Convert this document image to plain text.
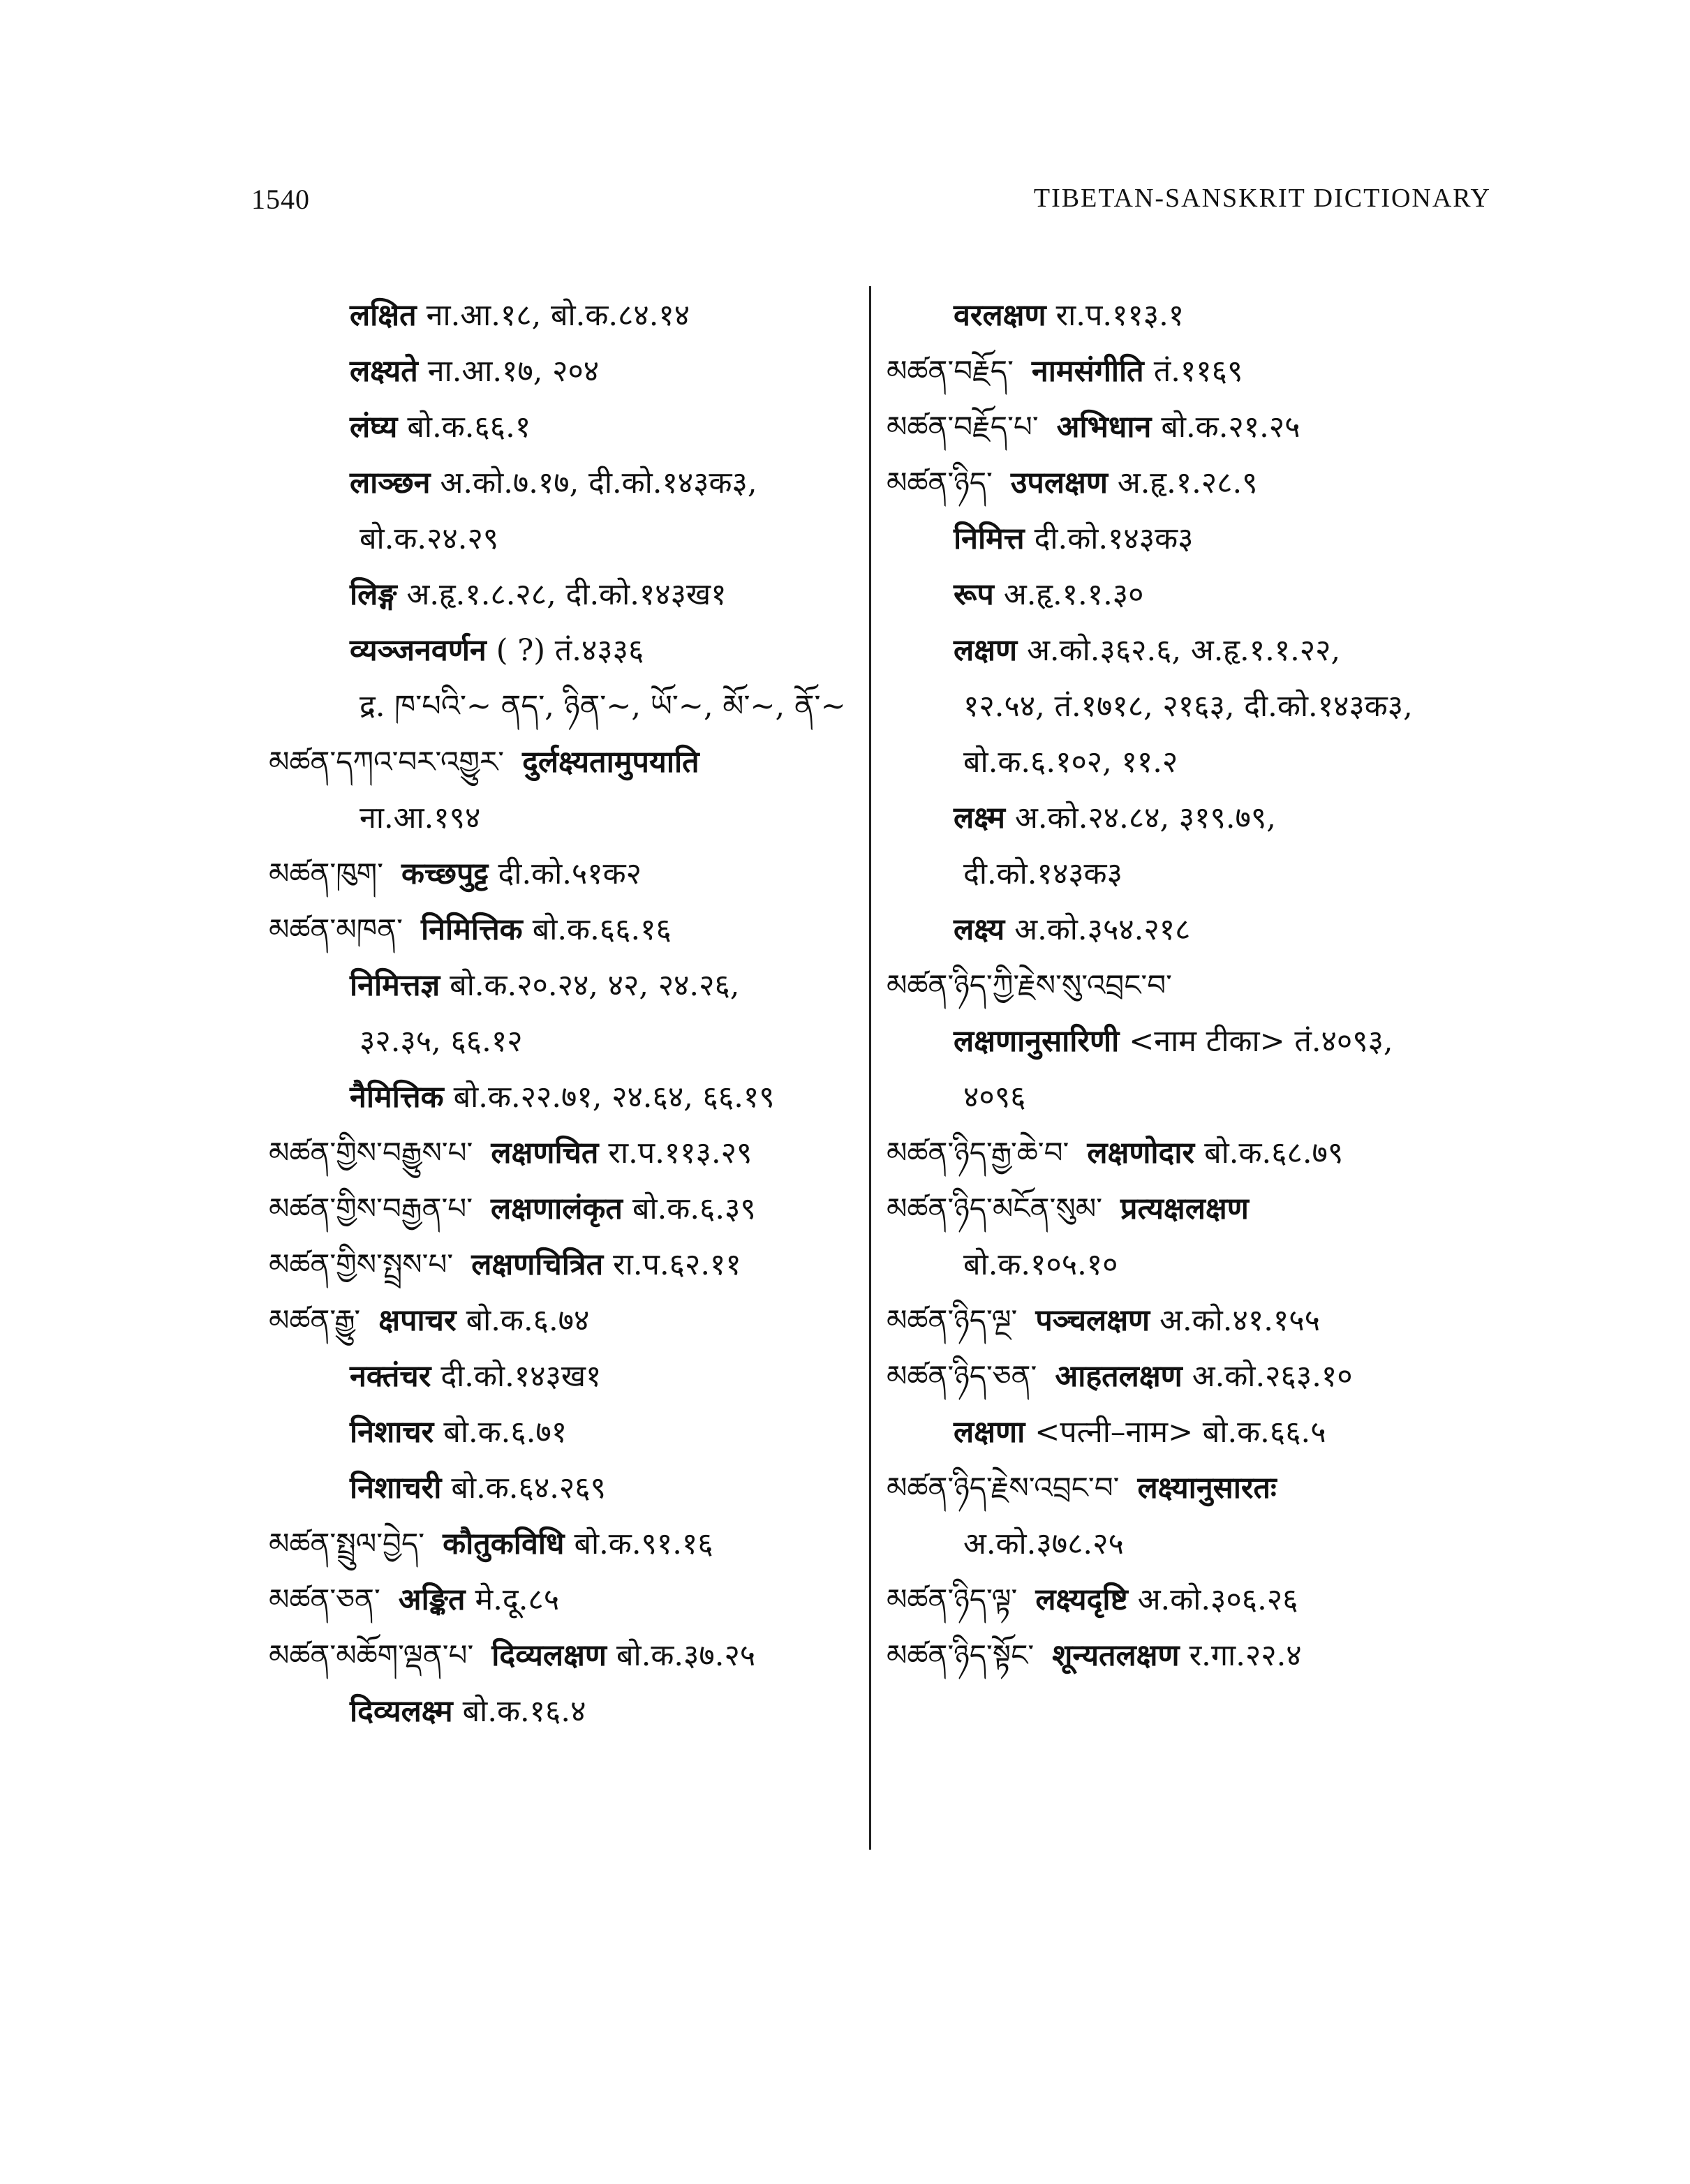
1540	TIBETAN-SANSKRIT DICTIONARY
लक्षित ना.आ.१८, बो.क.८४.१४
लक्ष्यते ना.आ.१७, २०४
लंघ्य बो.क.६६.१
लाञ्छन अ.को.७.१७, दी.को.१४३क३,
बो.क.२४.२९
लिङ्ग अ.हृ.१.८.२८, दी.को.१४३ख१
व्यञ्जनवर्णन ( ?) तं.४३३६
द्र. ཁ་པའི་~ ནད་, ཉིན་~, ཡོ་~, མོ་~, ནོ་~
མཚན་དཀའ་བར་འགྱུར་ दुर्लक्ष्यतामुपयाति
ना.आ.१९४
མཚན་ཁུག་ कच्छपुट्ट दी.को.५१क२
མཚན་མཁན་ निमित्तिक बो.क.६६.१६
निमित्तज्ञ बो.क.२०.२४, ४२, २४.२६,
३२.३५, ६६.१२
नैमित्तिक बो.क.२२.७१, २४.६४, ६६.१९
མཚན་གྱིས་བརྒྱུས་པ་ लक्षणचित रा.प.११३.२९
མཚན་གྱིས་བརྒྱན་པ་ लक्षणालंकृत बो.क.६.३९
མཚན་གྱིས་སྤྲས་པ་ लक्षणचित्रित रा.प.६२.११
མཚན་རྒྱུ་ क्षपाचर बो.क.६.७४
नक्तंचर दी.को.१४३ख१
निशाचर बो.क.६.७१
निशाचरी बो.क.६४.२६९
མཚན་སྤྲུལ་བྱེད་ कौतुकविधि बो.क.९१.१६
མཚན་ཅན་ अङ्कित मे.दू.८५
མཚན་མཆོག་ལྡན་པ་ दिव्यलक्षण बो.क.३७.२५
दिव्यलक्ष्म बो.क.१६.४
वरलक्षण रा.प.११३.१
མཚན་བརྗོད་ नामसंगीति तं.११६९
མཚན་བརྗོད་པ་ अभिधान बो.क.२१.२५
མཚན་ཉིད་ उपलक्षण अ.हृ.१.२८.९
निमित्त दी.को.१४३क३
रूप अ.हृ.१.१.३०
लक्षण अ.को.३६२.६, अ.हृ.१.१.२२,
१२.५४, तं.१७१८, २१६३, दी.को.१४३क३,
बो.क.६.१०२, ११.२
लक्ष्म अ.को.२४.८४, ३१९.७९,
दी.को.१४३क३
लक्ष्य अ.को.३५४.२१८
མཚན་ཉིད་ཀྱི་རྗེས་སུ་འབྲང་བ་
लक्षणानुसारिणी <नाम टीका> तं.४०९३,
४०९६
མཚན་ཉིད་རྒྱ་ཆེ་བ་ लक्षणोदार बो.क.६८.७९
མཚན་ཉིད་མངོན་སུམ་ प्रत्यक्षलक्षण
बो.क.१०५.१०
མཚན་ཉིད་ལྔ་ पञ्चलक्षण अ.को.४१.१५५
མཚན་ཉིད་ཅན་ आहतलक्षण अ.को.२६३.१०
लक्षणा <पत्नी–नाम> बो.क.६६.५
མཚན་ཉིད་རྗེས་འབྲང་བ་ लक्ष्यानुसारतः
अ.को.३७८.२५
མཚན་ཉིད་ལྟ་ लक्ष्यदृष्टि अ.को.३०६.२६
མཚན་ཉིད་སྟོང་ शून्यतलक्षण र.गा.२२.४
